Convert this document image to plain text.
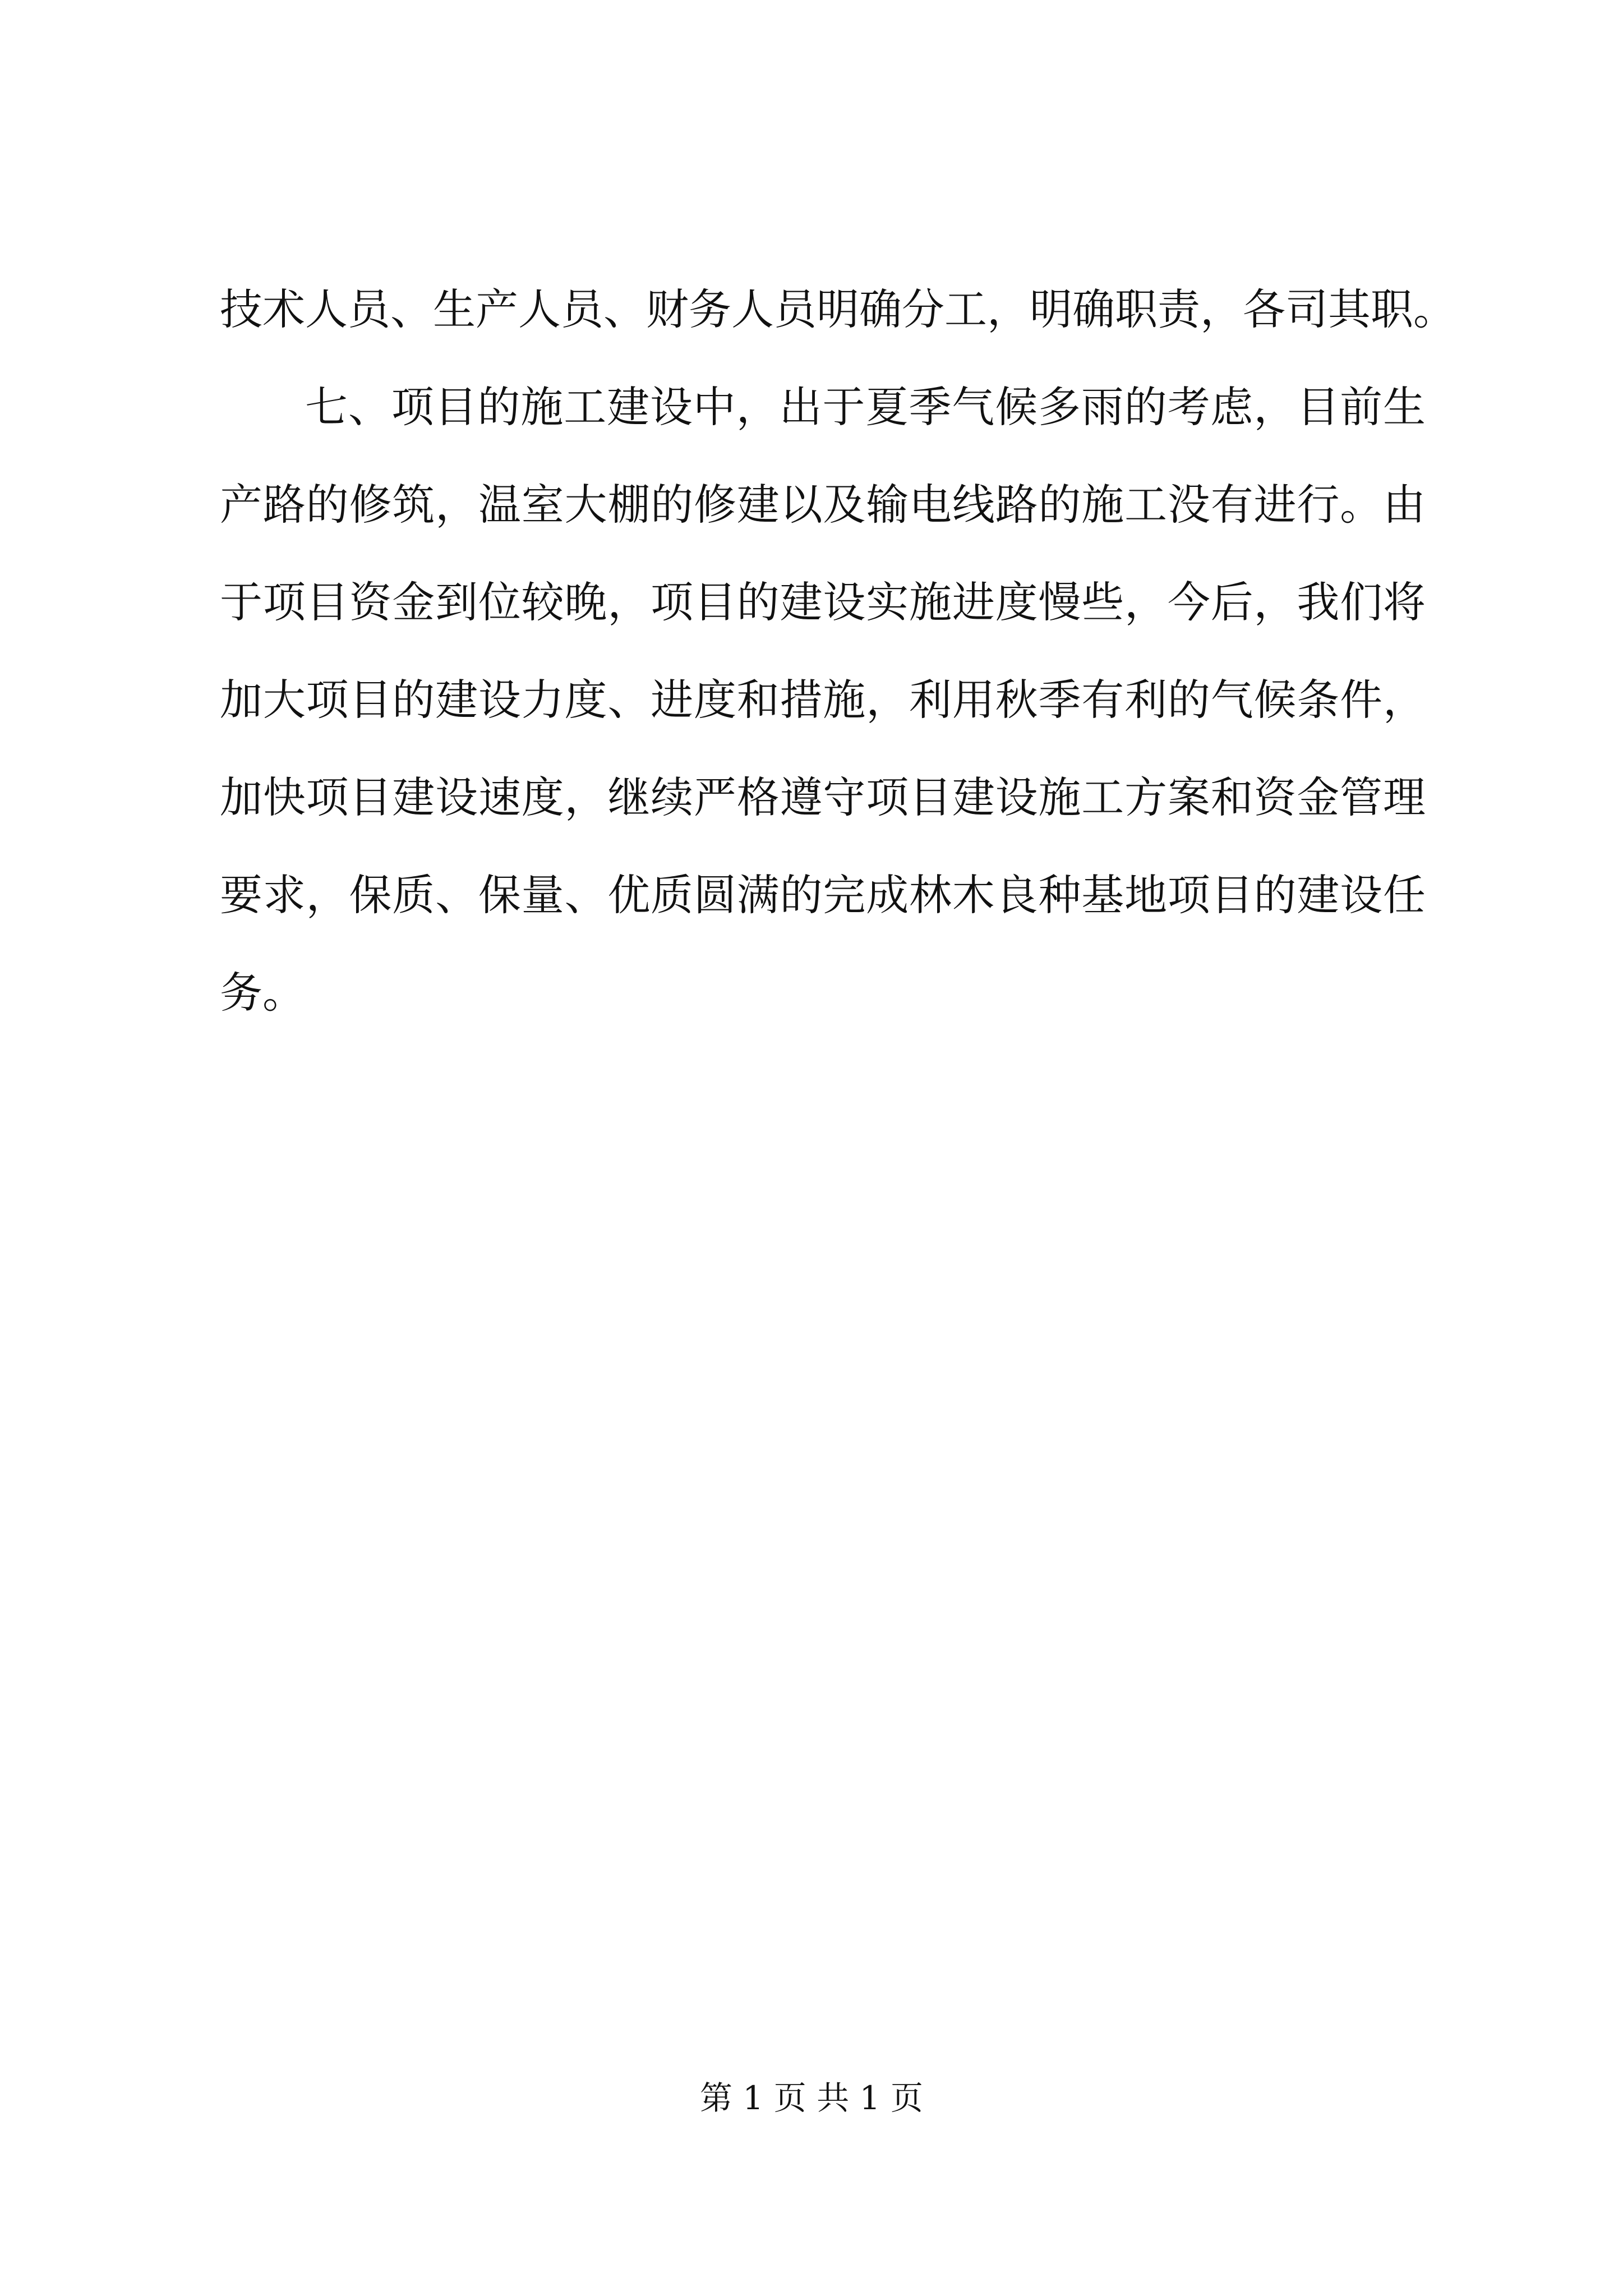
技术人员、生产人员、财务人员明确分工，明确职责，各司其职。
七、项目的施工建设中，出于夏季气候多雨的考虑，目前生
产路的修筑，温室大棚的修建以及输电线路的施工没有进行。由
于项目资金到位较晚，项目的建设实施进度慢些，今后，我们将
加大项目的建设力度、进度和措施，利用秋季有利的气候条件，
加快项目建设速度，继续严格遵守项目建设施工方案和资金管理
要求，保质、保量、优质圆满的完成林木良种基地项目的建设任
务。
第 1 页 共 1 页
